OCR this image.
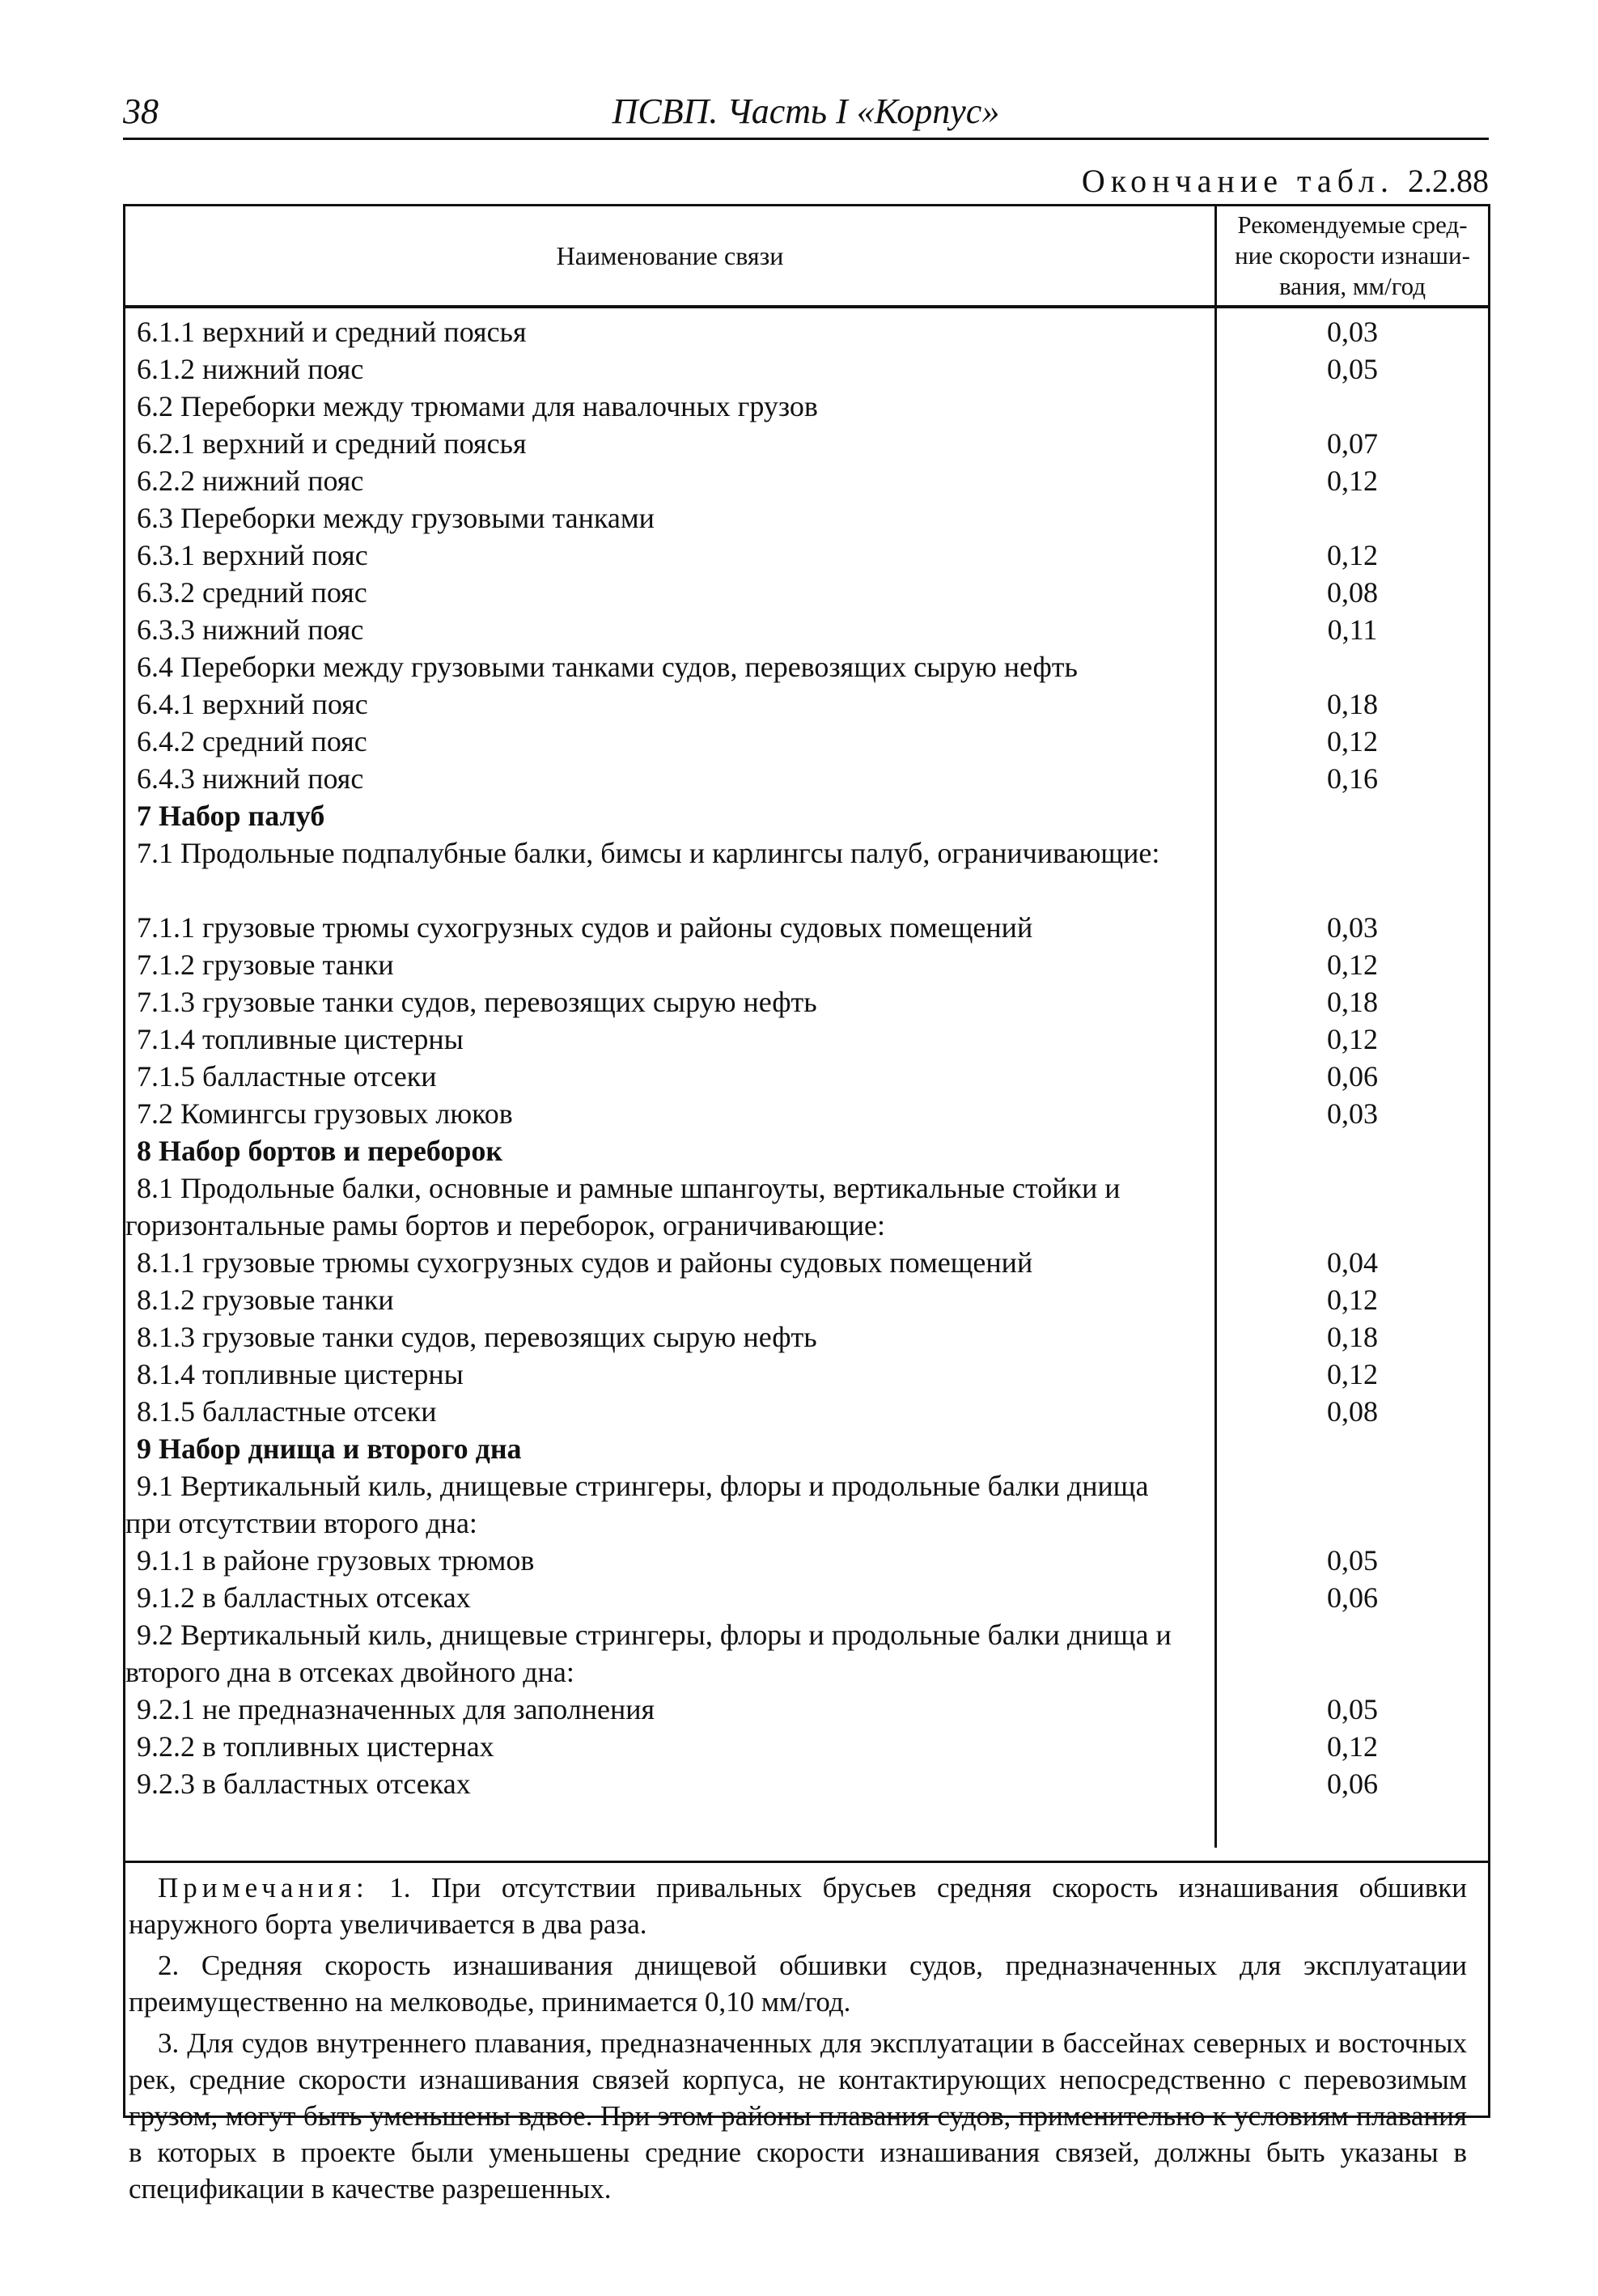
38	ПСВП. Часть I «Корпус»
Окончание табл. 2.2.88
Наименование связи
Рекомендуемые сред-
ние скорости изнаши-
вания, мм/год
6.1.1 верхний и средний поясья	0,03
6.1.2 нижний пояс	0,05
6.2 Переборки между трюмами для навалочных грузов
6.2.1 верхний и средний поясья	0,07
6.2.2 нижний пояс	0,12
6.3 Переборки между грузовыми танками
6.3.1 верхний пояс	0,12
6.3.2 средний пояс	0,08
6.3.3 нижний пояс	0,11
6.4 Переборки между грузовыми танками судов, перевозящих сырую нефть
6.4.1 верхний пояс	0,18
6.4.2 средний пояс	0,12
6.4.3 нижний пояс	0,16
7 Набор палуб
7.1 Продольные подпалубные балки, бимсы и карлингсы палуб, ограничивающие:
7.1.1 грузовые трюмы сухогрузных судов и районы судовых помещений	0,03
7.1.2 грузовые танки	0,12
7.1.3 грузовые танки судов, перевозящих сырую нефть	0,18
7.1.4 топливные цистерны	0,12
7.1.5 балластные отсеки	0,06
7.2 Комингсы грузовых люков	0,03
8 Набор бортов и переборок
8.1 Продольные балки, основные и рамные шпангоуты, вертикальные стойки и горизонтальные рамы бортов и переборок, ограничивающие:
8.1.1 грузовые трюмы сухогрузных судов и районы судовых помещений	0,04
8.1.2 грузовые танки	0,12
8.1.3 грузовые танки судов, перевозящих сырую нефть	0,18
8.1.4 топливные цистерны	0,12
8.1.5 балластные отсеки	0,08
9 Набор днища и второго дна
9.1 Вертикальный киль, днищевые стрингеры, флоры и продольные балки днища при отсутствии второго дна:
9.1.1 в районе грузовых трюмов	0,05
9.1.2 в балластных отсеках	0,06
9.2 Вертикальный киль, днищевые стрингеры, флоры и продольные балки днища и второго дна в отсеках двойного дна:
9.2.1 не предназначенных для заполнения	0,05
9.2.2 в топливных цистернах	0,12
9.2.3 в балластных отсеках	0,06

Примечания: 1. При отсутствии привальных брусьев средняя скорость изнашивания обшивки наружного борта увеличивается в два раза.

2. Средняя скорость изнашивания днищевой обшивки судов, предназначенных для эксплуатации преимущественно на мелководье, принимается 0,10 мм/год.

3. Для судов внутреннего плавания, предназначенных для эксплуатации в бассейнах северных и восточных рек, средние скорости изнашивания связей корпуса, не контактирующих непосредственно с перевозимым грузом, могут быть уменьшены вдвое. При этом районы плавания судов, применительно к условиям плавания в которых в проекте были уменьшены средние скорости изнашивания связей, должны быть указаны в спецификации в качестве разрешенных.
